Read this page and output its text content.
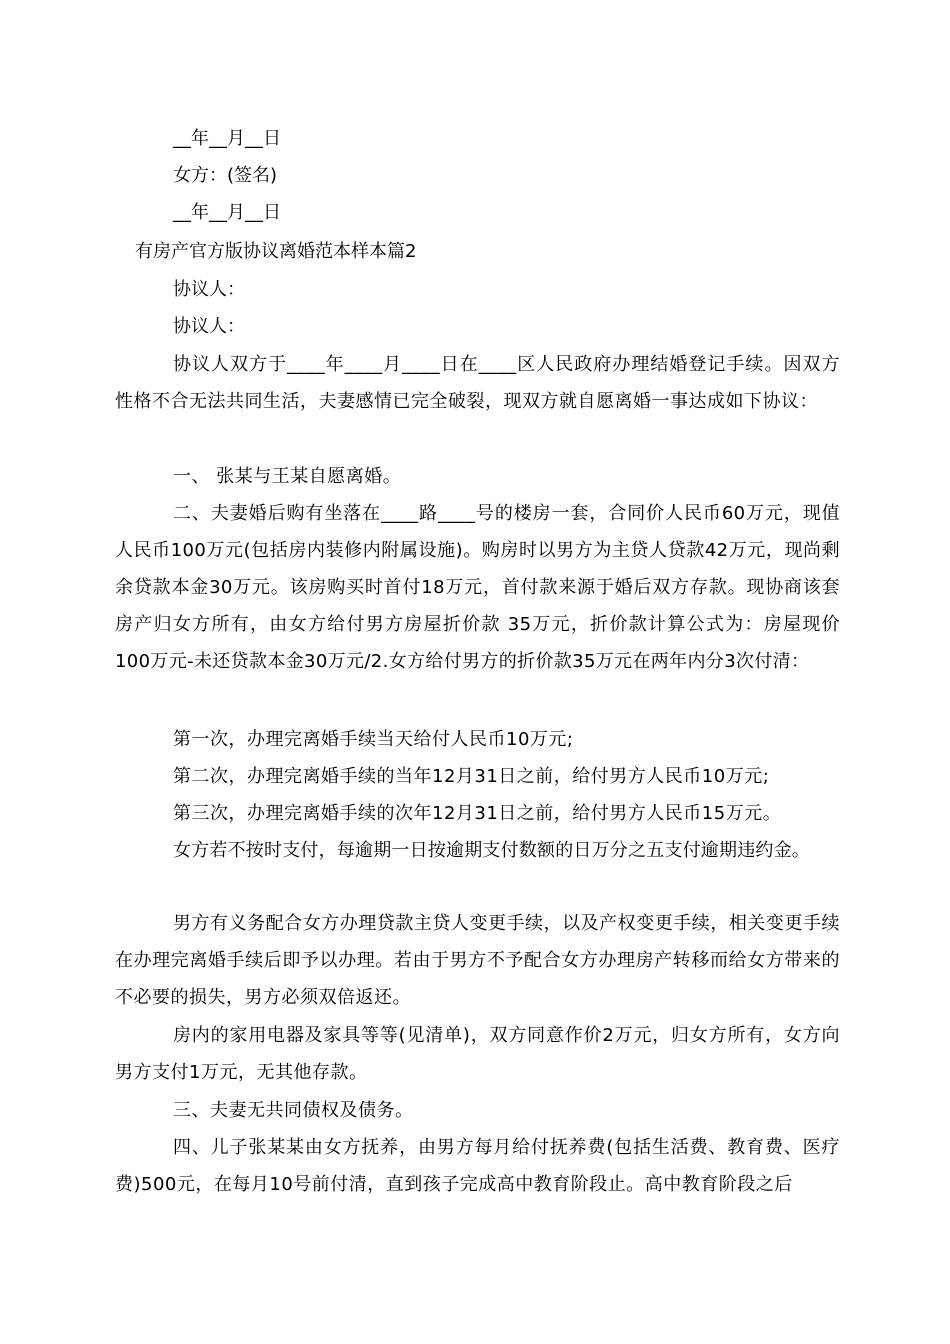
__年__月__日
女方：(签名)
__年__月__日
有房产官方版协议离婚范本样本篇2
协议人：
协议人：
协议人双方于____年____月____日在____区人民政府办理结婚登记手续。因双方性格不合无法共同生活，夫妻感情已完全破裂，现双方就自愿离婚一事达成如下协议：
一、 张某与王某自愿离婚。
二、夫妻婚后购有坐落在____路____号的楼房一套，合同价人民币60万元，现值人民币100万元(包括房内装修内附属设施)。购房时以男方为主贷人贷款42万元，现尚剩余贷款本金30万元。该房购买时首付18万元，首付款来源于婚后双方存款。现协商该套房产归女方所有，由女方给付男方房屋折价款 35万元，折价款计算公式为：房屋现价100万元-未还贷款本金30万元/2.女方给付男方的折价款35万元在两年内分3次付清：
第一次，办理完离婚手续当天给付人民币10万元;
第二次，办理完离婚手续的当年12月31日之前，给付男方人民币10万元;
第三次，办理完离婚手续的次年12月31日之前，给付男方人民币15万元。
女方若不按时支付，每逾期一日按逾期支付数额的日万分之五支付逾期违约金。
男方有义务配合女方办理贷款主贷人变更手续，以及产权变更手续，相关变更手续在办理完离婚手续后即予以办理。若由于男方不予配合女方办理房产转移而给女方带来的不必要的损失，男方必须双倍返还。
房内的家用电器及家具等等(见清单)，双方同意作价2万元，归女方所有，女方向男方支付1万元，无其他存款。
三、夫妻无共同债权及债务。
四、儿子张某某由女方抚养，由男方每月给付抚养费(包括生活费、教育费、医疗费)500元，在每月10号前付清，直到孩子完成高中教育阶段止。高中教育阶段之后
